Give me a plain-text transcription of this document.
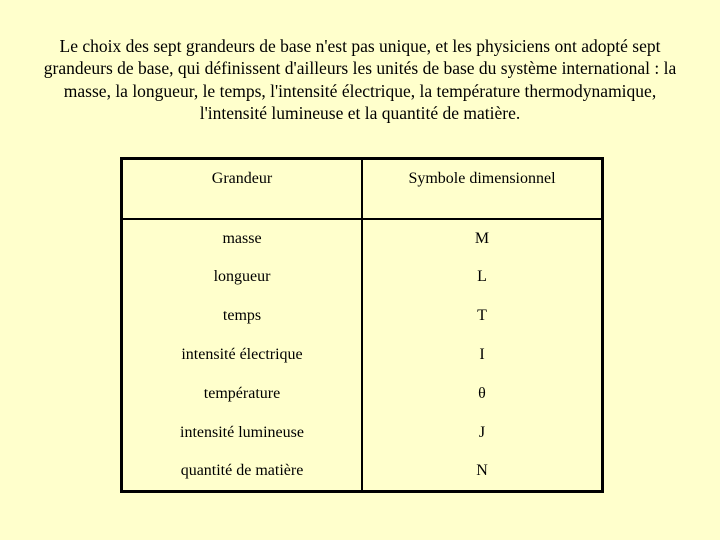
Le choix des sept grandeurs de base n'est pas unique, et les physiciens ont adopté sept grandeurs de base, qui définissent d'ailleurs les unités de base du système international : la masse, la longueur, le temps, l'intensité électrique, la température thermodynamique, l'intensité lumineuse et la quantité de matière.

Grandeur	Symbole dimensionnel
masse	M
longueur	L
temps	T
intensité électrique	I
température	θ
intensité lumineuse	J
quantité de matière	N
